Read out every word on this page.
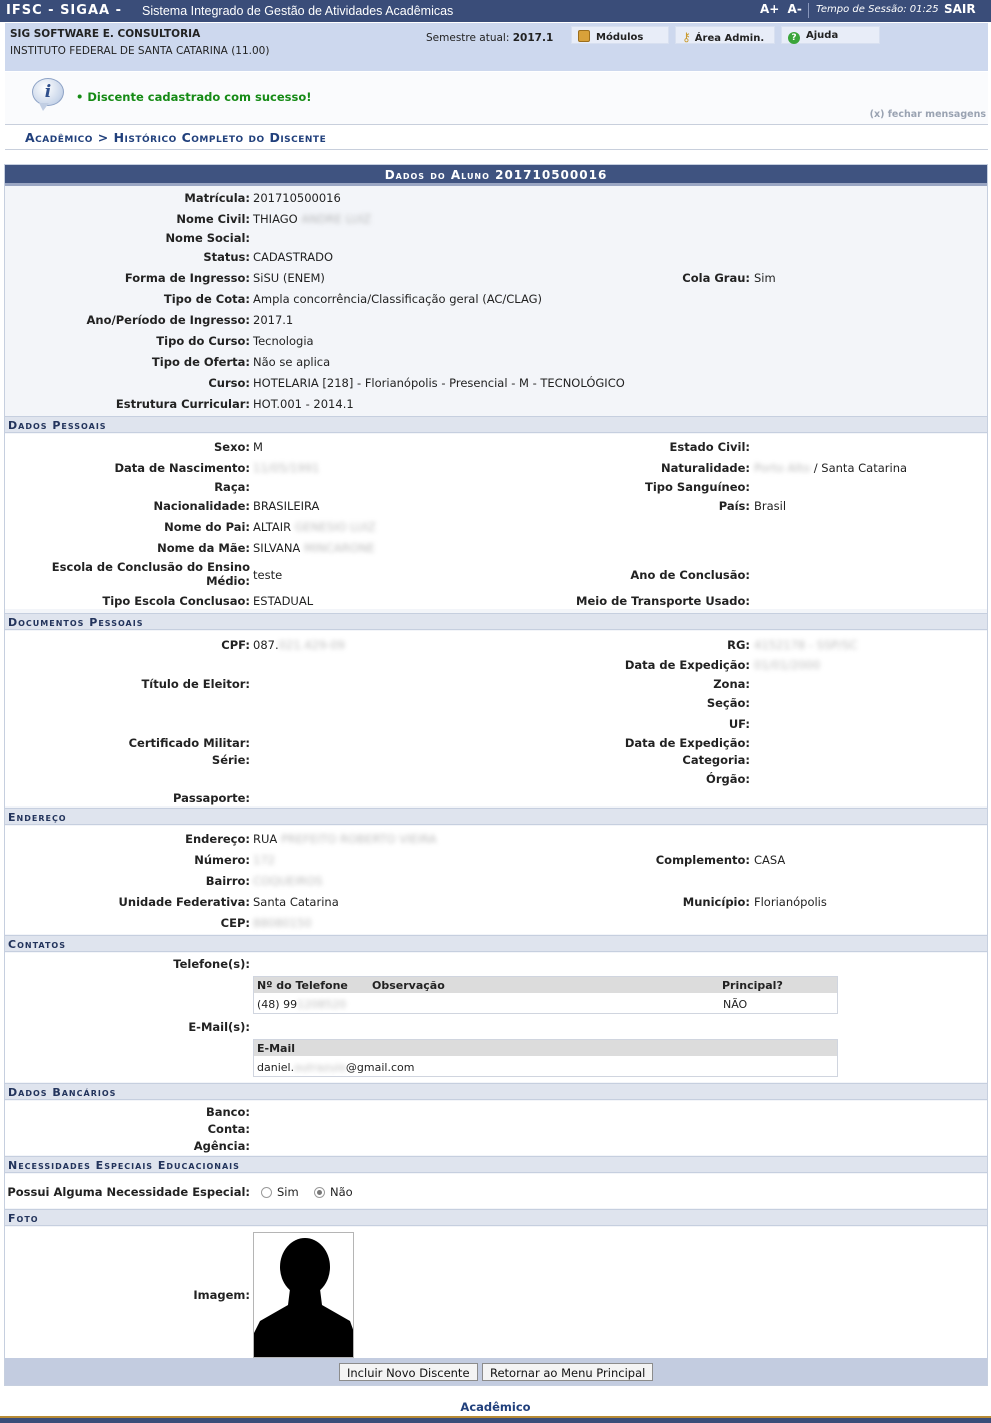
IFSC - SIGAA - Sistema Integrado de Gestão de Atividades Acadêmicas	A+ A-	Tempo de Sessão: 01:25 SAIR
SIG SOFTWARE E. CONSULTORIA
INSTITUTO FEDERAL DE SANTA CATARINA (11.00)
Semestre atual: 2017.1	Módulos	⚷ Área Admin.	? Ajuda
i	• Discente cadastrado com sucesso!
(x) fechar mensagens
Acadêmico > Histórico Completo do Discente
Dados do Aluno 201710500016
Matrícula: 201710500016
Nome Civil: THIAGO ANDRE LUIZ
Nome Social:
Status: CADASTRADO
Forma de Ingresso: SiSU (ENEM)	Cola Grau: Sim
Tipo de Cota: Ampla concorrência/Classificação geral (AC/CLAG)
Ano/Período de Ingresso: 2017.1
Tipo do Curso: Tecnologia
Tipo de Oferta: Não se aplica
Curso: HOTELARIA [218] - Florianópolis - Presencial - M - TECNOLÓGICO
Estrutura Curricular: HOT.001 - 2014.1
Dados Pessoais
Sexo: M	Estado Civil:
Data de Nascimento: 11/05/1991	Naturalidade: Porto Alto / Santa Catarina
Raça:	Tipo Sanguíneo:
Nacionalidade: BRASILEIRA	País: Brasil
Nome do Pai: ALTAIR GENESIO LUIZ
Nome da Mãe: SILVANA MINCARONE
Escola de Conclusão do Ensino
Médio: teste	Ano de Conclusão:
Tipo Escola Conclusao: ESTADUAL	Meio de Transporte Usado:
Documentos Pessoais
CPF: 087.021.429-09	RG: 4152178 - SSP/SC
Data de Expedição: 01/01/2000
Título de Eleitor:	Zona:
Seção:
UF:
Certificado Militar:	Data de Expedição:
Série:	Categoria:
Órgão:
Passaporte:
Endereço
Endereço: RUA PREFEITO ROBERTO VIEIRA
Número: 172	Complemento: CASA
Bairro: COQUEIROS
Unidade Federativa: Santa Catarina	Município: Florianópolis
CEP: 88080150
Contatos
Telefone(s):
Nº do Telefone Observação	Principal?
(48) 991208520	NÃO
E-Mail(s):
E-Mail
daniel.outrazuio@gmail.com
Dados Bancários
Banco:
Conta:
Agência:
Necessidades Especiais Educacionais
Possui Alguma Necessidade Especial:	Sim	Não
Foto
Imagem:
Incluir Novo Discente	Retornar ao Menu Principal
Acadêmico
